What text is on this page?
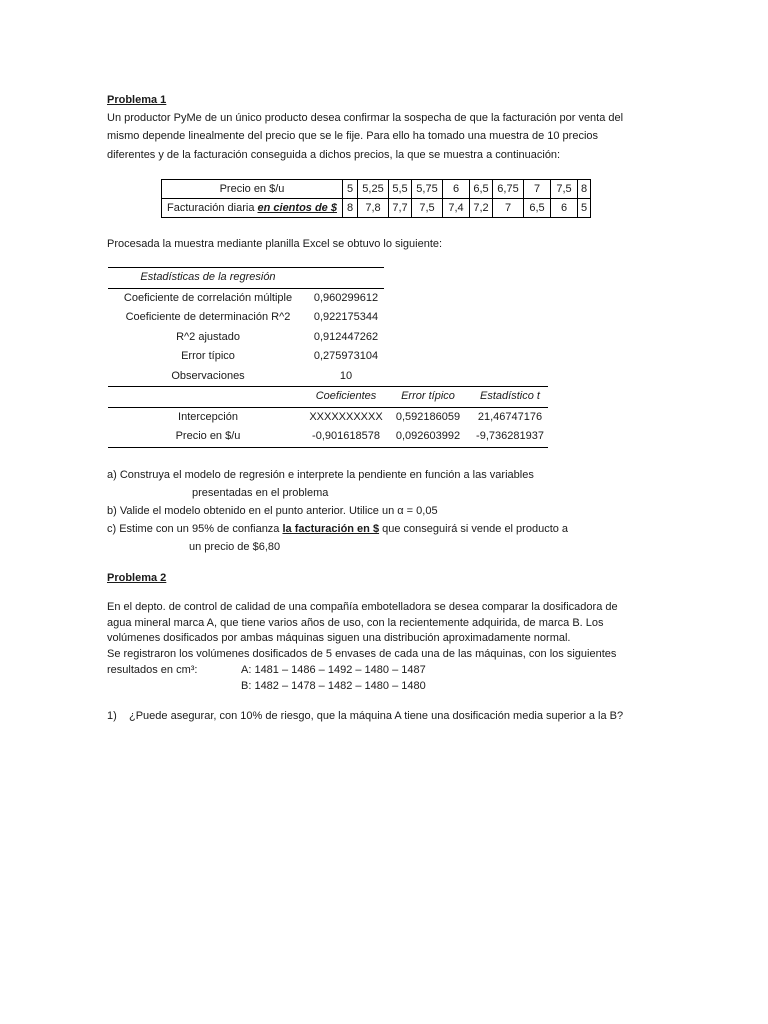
Problema 1
Un productor PyMe de un único producto desea confirmar la sospecha de que la facturación por venta del
mismo depende linealmente del precio que se le fije. Para ello ha tomado una muestra de 10 precios
diferentes y de la facturación conseguida a dichos precios, la que se muestra a continuación:
Precio en $/u	5	5,25	5,5	5,75	6	6,5	6,75	7	7,5	8
Facturación diaria en cientos de $	8	7,8	7,7	7,5	7,4	7,2	7	6,5	6	5
Procesada la muestra mediante planilla Excel se obtuvo lo siguiente:
Estadísticas de la regresión			
Coeficiente de correlación múltiple	0,960299612		
Coeficiente de determinación R^2	0,922175344		
R^2 ajustado	0,912447262		
Error típico	0,275973104		
Observaciones	10		
	Coeficientes	Error típico	Estadístico t
Intercepción	XXXXXXXXXX	0,592186059	21,46747176
Precio en $/u	-0,901618578	0,092603992	-9,736281937
a) Construya el modelo de regresión e interprete la pendiente en función a las variables
presentadas en el problema
b) Valide el modelo obtenido en el punto anterior. Utilice un α = 0,05
c) Estime con un 95% de confianza la facturación en $ que conseguirá si vende el producto a
un precio de $6,80
Problema 2
En el depto. de control de calidad de una compañía embotelladora se desea comparar la dosificadora de
agua mineral marca A, que tiene varios años de uso, con la recientemente adquirida, de marca B. Los
volúmenes dosificados por ambas máquinas siguen una distribución aproximadamente normal.
Se registraron los volúmenes dosificados de 5 envases de cada una de las máquinas, con los siguientes
resultados en cm³:	A: 1481 – 1486 – 1492 – 1480 – 1487
B: 1482 – 1478 – 1482 – 1480 – 1480
1) ¿Puede asegurar, con 10% de riesgo, que la máquina A tiene una dosificación media superior a la B?
